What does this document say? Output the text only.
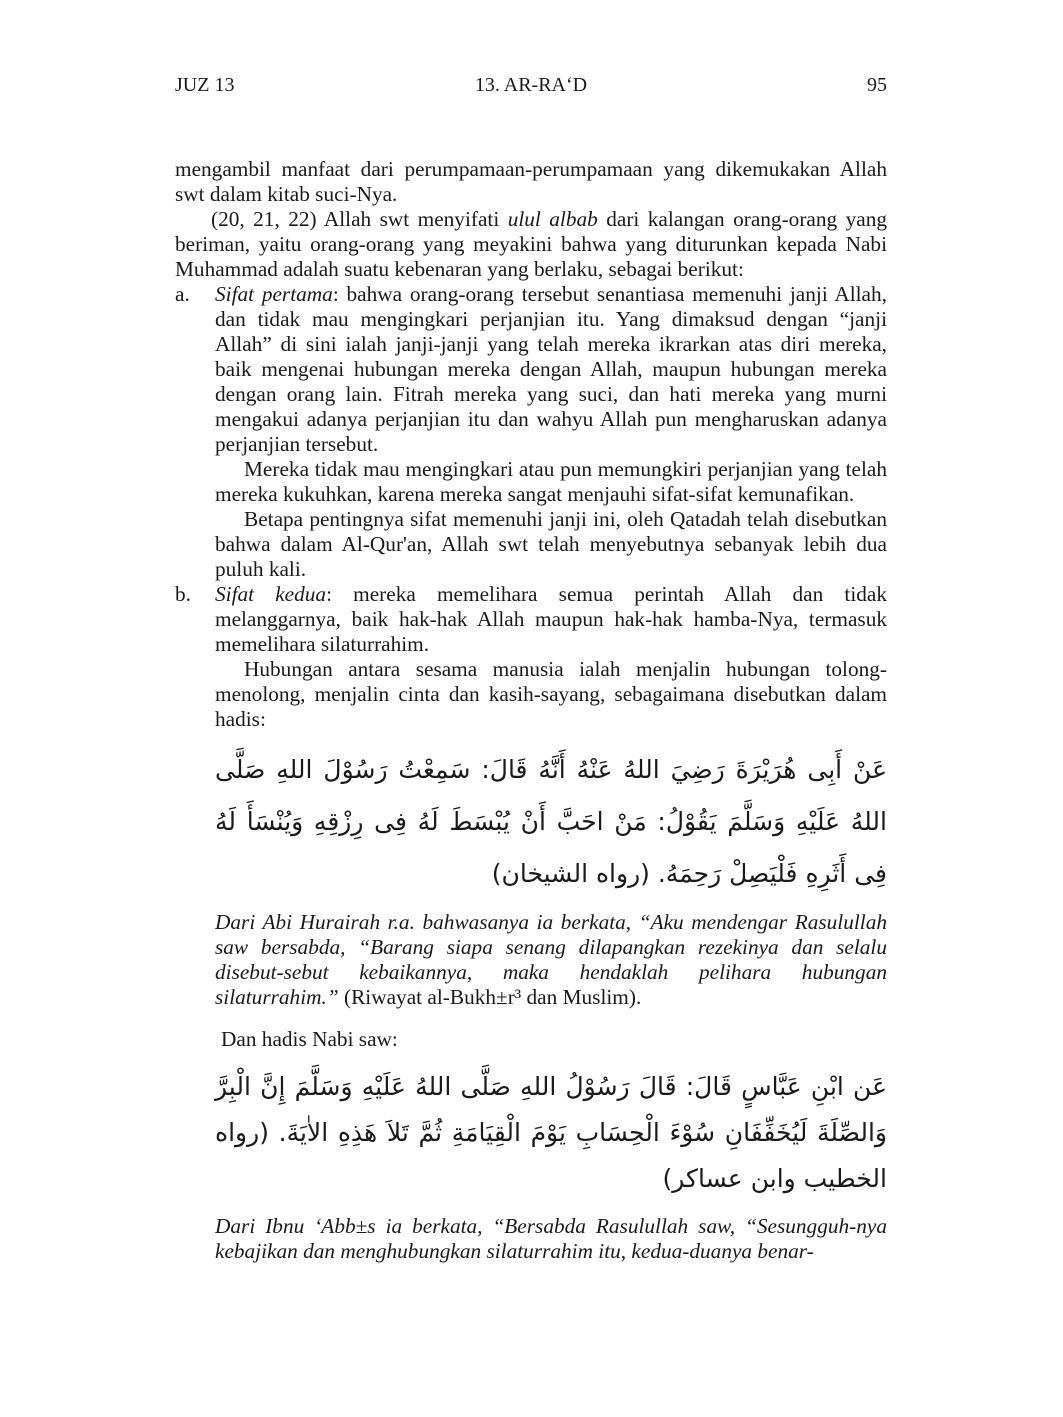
JUZ 13	13. AR-RA‘D	95

mengambil manfaat dari perumpamaan-perumpamaan yang dikemukakan Allah swt dalam kitab suci-Nya.

(20, 21, 22) Allah swt menyifati ulul albab dari kalangan orang-orang yang beriman, yaitu orang-orang yang meyakini bahwa yang diturunkan kepada Nabi Muhammad adalah suatu kebenaran yang berlaku, sebagai berikut:

a. Sifat pertama: bahwa orang-orang tersebut senantiasa memenuhi janji Allah, dan tidak mau mengingkari perjanjian itu. Yang dimaksud dengan “janji Allah” di sini ialah janji-janji yang telah mereka ikrarkan atas diri mereka, baik mengenai hubungan mereka dengan Allah, maupun hubungan mereka dengan orang lain. Fitrah mereka yang suci, dan hati mereka yang murni mengakui adanya perjanjian itu dan wahyu Allah pun mengharuskan adanya perjanjian tersebut.

Mereka tidak mau mengingkari atau pun memungkiri perjanjian yang telah mereka kukuhkan, karena mereka sangat menjauhi sifat-sifat kemunafikan.

Betapa pentingnya sifat memenuhi janji ini, oleh Qatadah telah disebutkan bahwa dalam Al-Qur'an, Allah swt telah menyebutnya sebanyak lebih dua puluh kali.

b. Sifat kedua: mereka memelihara semua perintah Allah dan tidak melanggarnya, baik hak-hak Allah maupun hak-hak hamba-Nya, termasuk memelihara silaturrahim.

Hubungan antara sesama manusia ialah menjalin hubungan tolong-menolong, menjalin cinta dan kasih-sayang, sebagaimana disebutkan dalam hadis:

عَنْ أَبِى هُرَيْرَةَ رَضِيَ اللهُ عَنْهُ أَنَّهُ قَالَ: سَمِعْتُ رَسُوْلَ اللهِ صَلَّى اللهُ عَلَيْهِ وَسَلَّمَ يَقُوْلُ: مَنْ احَبَّ أَنْ يُبْسَطَ لَهُ فِى رِزْقِهِ وَيُنْسَأَ لَهُ فِى أَثَرِهِ فَلْيَصِلْ رَحِمَهُ. (رواه الشيخان)

Dari Abi Hurairah r.a. bahwasanya ia berkata, “Aku mendengar Rasulullah saw bersabda, “Barang siapa senang dilapangkan rezekinya dan selalu disebut-sebut kebaikannya, maka hendaklah pelihara hubungan silaturrahim.” (Riwayat al-Bukh±r³ dan Muslim).

Dan hadis Nabi saw:

عَن ابْنِ عَبَّاسٍ قَالَ: قَالَ رَسُوْلُ اللهِ صَلَّى اللهُ عَلَيْهِ وَسَلَّمَ إِنَّ الْبِرَّ وَالصِّلَةَ لَيُخَفِّفَانِ سُوْءَ الْحِسَابِ يَوْمَ الْقِيَامَةِ ثُمَّ تَلاَ هَذِهِ الاٰيَةَ. (رواه الخطيب وابن عساكر)

Dari Ibnu ‘Abb±s ia berkata, “Bersabda Rasulullah saw, “Sesungguh-nya kebajikan dan menghubungkan silaturrahim itu, kedua-duanya benar-
